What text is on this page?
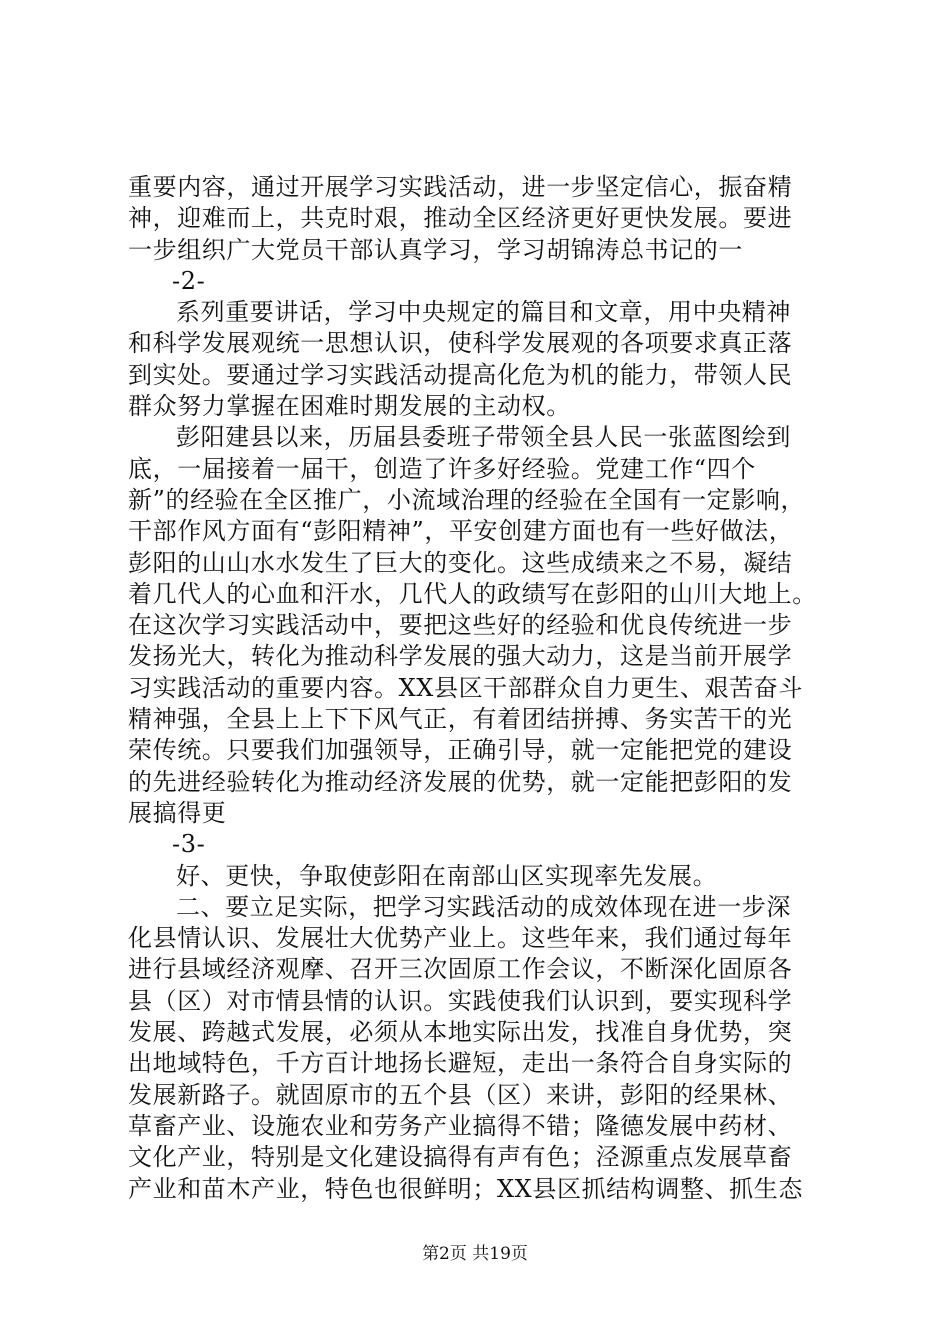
重要内容，通过开展学习实践活动，进一步坚定信心，振奋精
神，迎难而上，共克时艰，推动全区经济更好更快发展。要进
一步组织广大党员干部认真学习，学习胡锦涛总书记的一
-2-
系列重要讲话，学习中央规定的篇目和文章，用中央精神
和科学发展观统一思想认识，使科学发展观的各项要求真正落
到实处。要通过学习实践活动提高化危为机的能力，带领人民
群众努力掌握在困难时期发展的主动权。
彭阳建县以来，历届县委班子带领全县人民一张蓝图绘到
底，一届接着一届干，创造了许多好经验。党建工作“四个
新”的经验在全区推广，小流域治理的经验在全国有一定影响，
干部作风方面有“彭阳精神”，平安创建方面也有一些好做法，
彭阳的山山水水发生了巨大的变化。这些成绩来之不易，凝结
着几代人的心血和汗水，几代人的政绩写在彭阳的山川大地上。
在这次学习实践活动中，要把这些好的经验和优良传统进一步
发扬光大，转化为推动科学发展的强大动力，这是当前开展学
习实践活动的重要内容。XX县区干部群众自力更生、艰苦奋斗
精神强，全县上上下下风气正，有着团结拼搏、务实苦干的光
荣传统。只要我们加强领导，正确引导，就一定能把党的建设
的先进经验转化为推动经济发展的优势，就一定能把彭阳的发
展搞得更
-3-
好、更快，争取使彭阳在南部山区实现率先发展。
二、要立足实际，把学习实践活动的成效体现在进一步深
化县情认识、发展壮大优势产业上。这些年来，我们通过每年
进行县域经济观摩、召开三次固原工作会议，不断深化固原各
县（区）对市情县情的认识。实践使我们认识到，要实现科学
发展、跨越式发展，必须从本地实际出发，找准自身优势，突
出地域特色，千方百计地扬长避短，走出一条符合自身实际的
发展新路子。就固原市的五个县（区）来讲，彭阳的经果林、
草畜产业、设施农业和劳务产业搞得不错；隆德发展中药材、
文化产业，特别是文化建设搞得有声有色；泾源重点发展草畜
产业和苗木产业，特色也很鲜明；XX县区抓结构调整、抓生态
第2页 共19页
